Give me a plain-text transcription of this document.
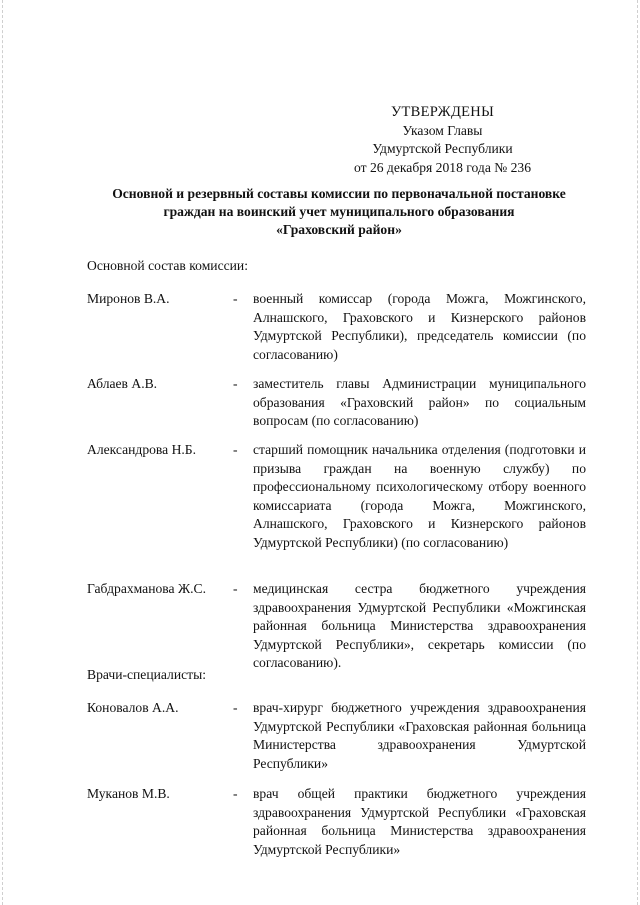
УТВЕРЖДЕНЫ
Указом Главы
Удмуртской Республики
от 26 декабря 2018 года № 236
Основной и резервный составы комиссии по первоначальной постановке
граждан на воинский учет муниципального образования
«Граховский район»
Основной состав комиссии:
Миронов В.А.	- военный комиссар (города Можга, Можгинского, Алнашского, Граховского и Кизнерского районов Удмуртской Республики), председатель комиссии (по согласованию)
Аблаев А.В.	- заместитель главы Администрации муниципального образования «Граховский район» по социальным вопросам (по согласованию)
Александрова Н.Б.	- старший помощник начальника отделения (подготовки и призыва граждан на военную службу) по профессиональному психологическому отбору военного комиссариата (города Можга, Можгинского, Алнашского, Граховского и Кизнерского районов Удмуртской Республики) (по согласованию)
Габдрахманова Ж.С. - медицинская сестра бюджетного учреждения здравоохранения Удмуртской Республики «Можгинская районная больница Министерства здравоохранения Удмуртской Республики», секретарь комиссии (по согласованию).
Врачи-специалисты:
Коновалов А.А.	- врач-хирург бюджетного учреждения здравоохранения Удмуртской Республики «Граховская районная больница Министерства здравоохранения Удмуртской Республики»
Муканов М.В.	- врач общей практики бюджетного учреждения здравоохранения Удмуртской Республики «Граховская районная больница Министерства здравоохранения Удмуртской Республики»
